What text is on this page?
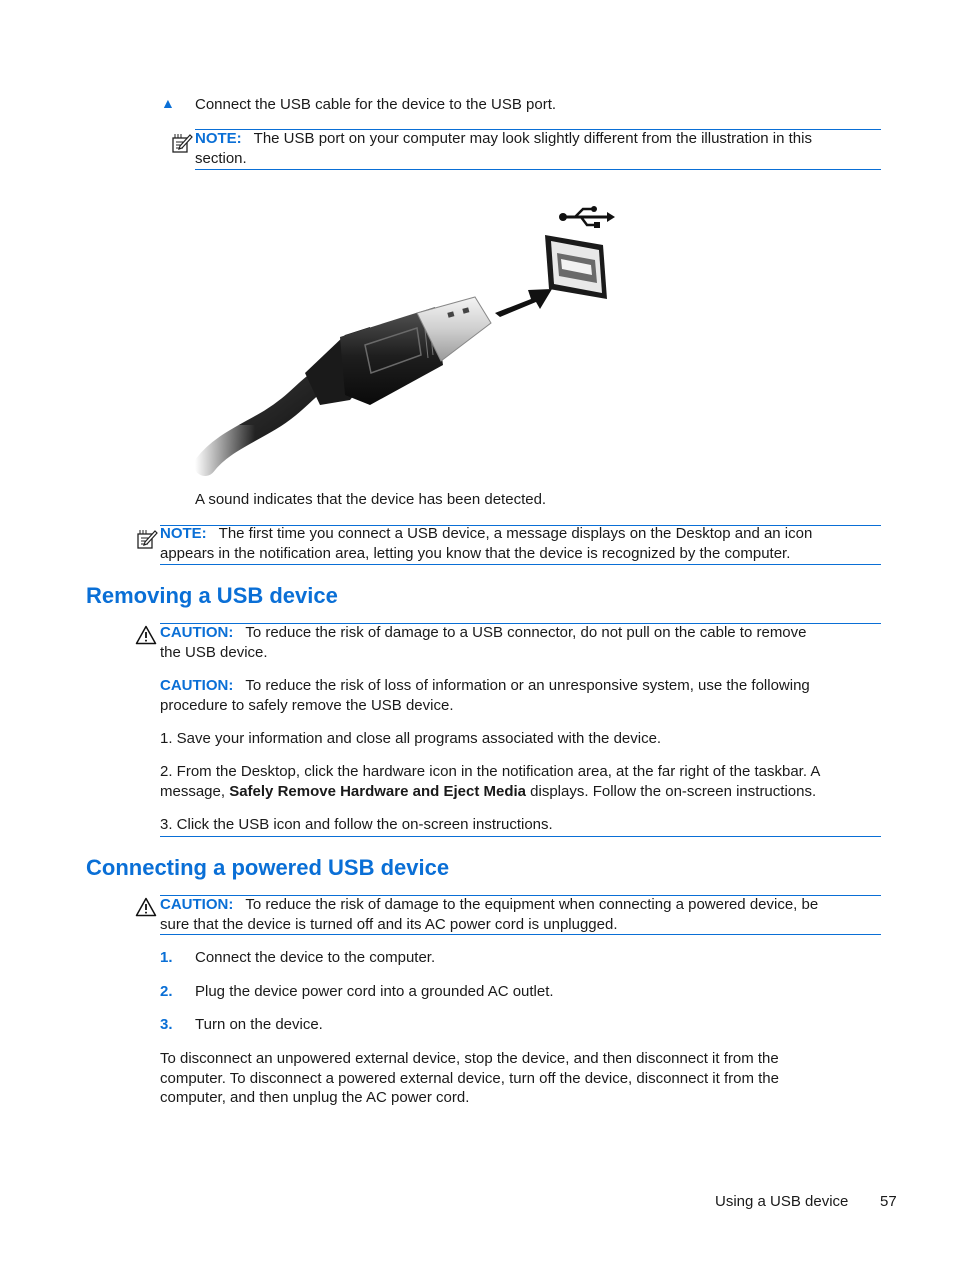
▲ Connect the USB cable for the device to the USB port.
NOTE: The USB port on your computer may look slightly different from the illustration in this
section.
A sound indicates that the device has been detected.
NOTE: The first time you connect a USB device, a message displays on the Desktop and an icon
appears in the notification area, letting you know that the device is recognized by the computer.
Removing a USB device
CAUTION: To reduce the risk of damage to a USB connector, do not pull on the cable to remove
the USB device.
CAUTION: To reduce the risk of loss of information or an unresponsive system, use the following
procedure to safely remove the USB device.
1. Save your information and close all programs associated with the device.
2. From the Desktop, click the hardware icon in the notification area, at the far right of the taskbar. A
message, Safely Remove Hardware and Eject Media displays. Follow the on-screen instructions.
3. Click the USB icon and follow the on-screen instructions.
Connecting a powered USB device
CAUTION: To reduce the risk of damage to the equipment when connecting a powered device, be
sure that the device is turned off and its AC power cord is unplugged.
1. Connect the device to the computer.
2. Plug the device power cord into a grounded AC outlet.
3. Turn on the device.
To disconnect an unpowered external device, stop the device, and then disconnect it from the
computer. To disconnect a powered external device, turn off the device, disconnect it from the
computer, and then unplug the AC power cord.
Using a USB device 57
